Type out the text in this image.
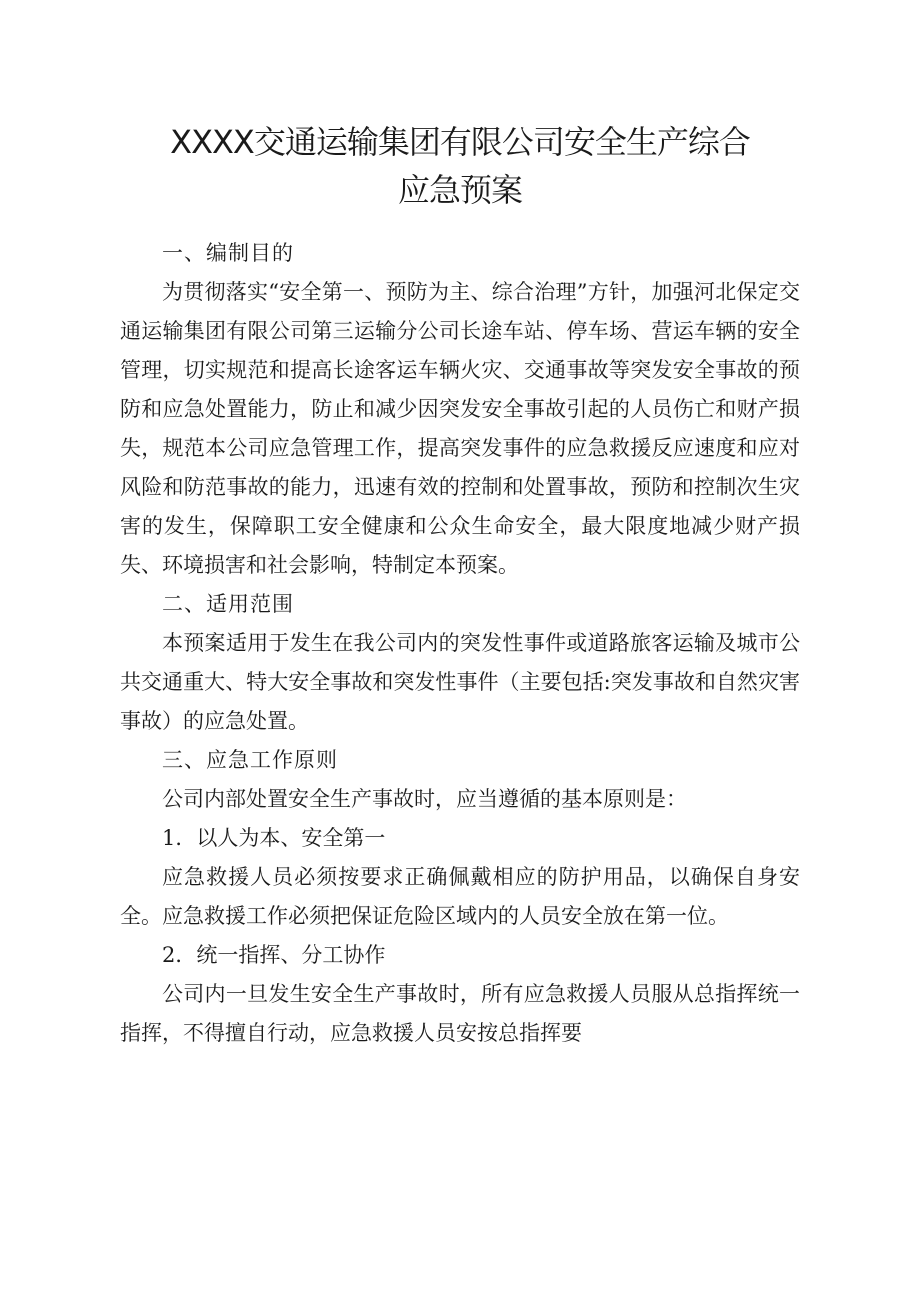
XXXX交通运输集团有限公司安全生产综合
应急预案

一、编制目的

为贯彻落实“安全第一、预防为主、综合治理”方针，加强河北保定交通运输集团有限公司第三运输分公司长途车站、停车场、营运车辆的安全管理，切实规范和提高长途客运车辆火灾、交通事故等突发安全事故的预防和应急处置能力，防止和减少因突发安全事故引起的人员伤亡和财产损失，规范本公司应急管理工作，提高突发事件的应急救援反应速度和应对风险和防范事故的能力，迅速有效的控制和处置事故，预防和控制次生灾害的发生，保障职工安全健康和公众生命安全，最大限度地减少财产损失、环境损害和社会影响，特制定本预案。

二、适用范围

本预案适用于发生在我公司内的突发性事件或道路旅客运输及城市公共交通重大、特大安全事故和突发性事件（主要包括:突发事故和自然灾害事故）的应急处置。

三、应急工作原则

公司内部处置安全生产事故时，应当遵循的基本原则是：

1．以人为本、安全第一

应急救援人员必须按要求正确佩戴相应的防护用品，以确保自身安全。应急救援工作必须把保证危险区域内的人员安全放在第一位。

2．统一指挥、分工协作

公司内一旦发生安全生产事故时，所有应急救援人员服从总指挥统一指挥，不得擅自行动，应急救援人员安按总指挥要
